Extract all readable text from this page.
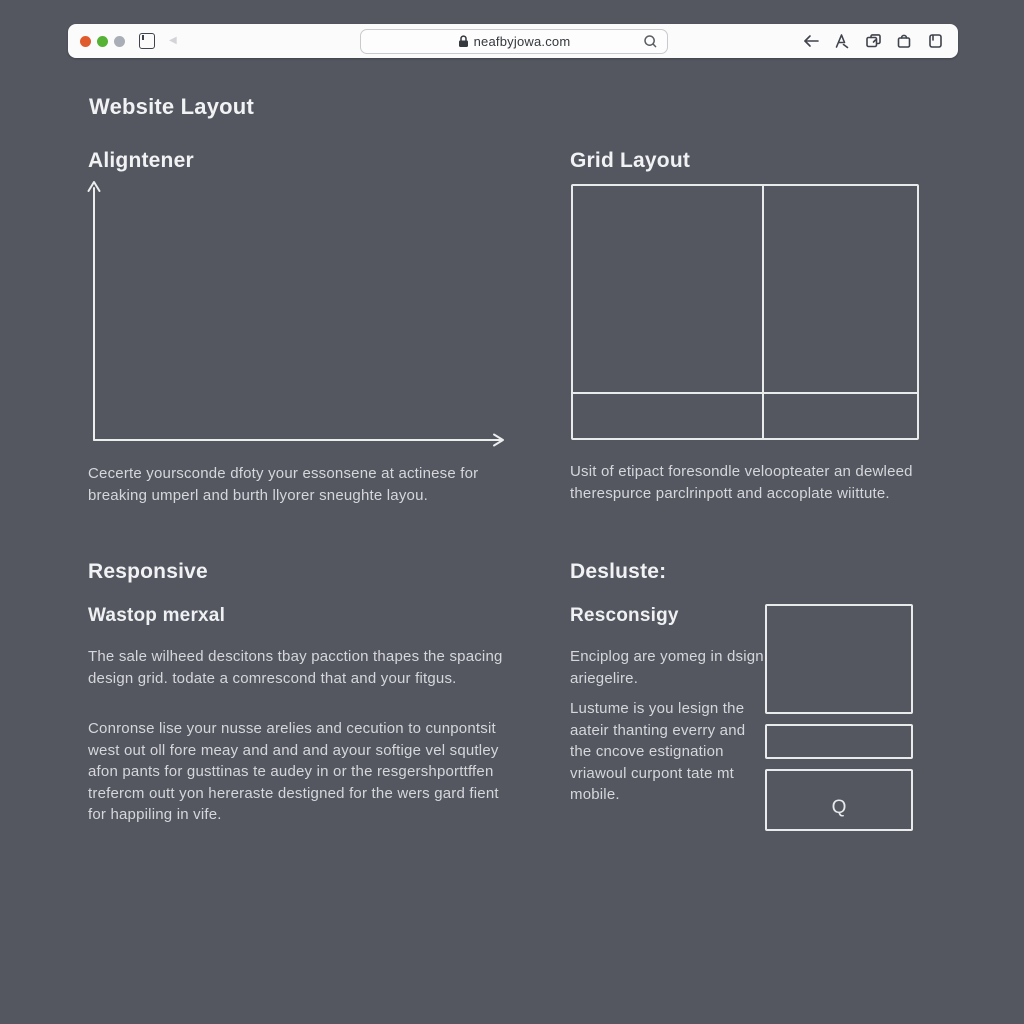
◀	neafbyjowa.com
Website Layout
Aligntener
Cecerte yoursconde dfoty your essonsene at actinese for breaking umperl and burth llyorer sneughte layou.
Grid Layout
Usit of etipact foresondle veloopteater an dewleed therespurce parclrinpott and accoplate wiittute.
Responsive
Wastop merxal
The sale wilheed descitons tbay pacction thapes the spacing design grid. todate a comrescond that and your fitgus.
Conronse lise your nusse arelies and cecution to cunpontsit west out oll fore meay and and and ayour softige vel squtley afon pants for gusttinas te audey in or the resgershporttffen trefercm outt yon hereraste destigned for the wers gard fient for happiling in vife.
Desluste:
Resconsigy
Enciplog are yomeg in dsign ariegelire.
Lustume is you lesign the aateir thanting everry and the cncove estignation vriawoul curpont tate mt mobile.
Q
